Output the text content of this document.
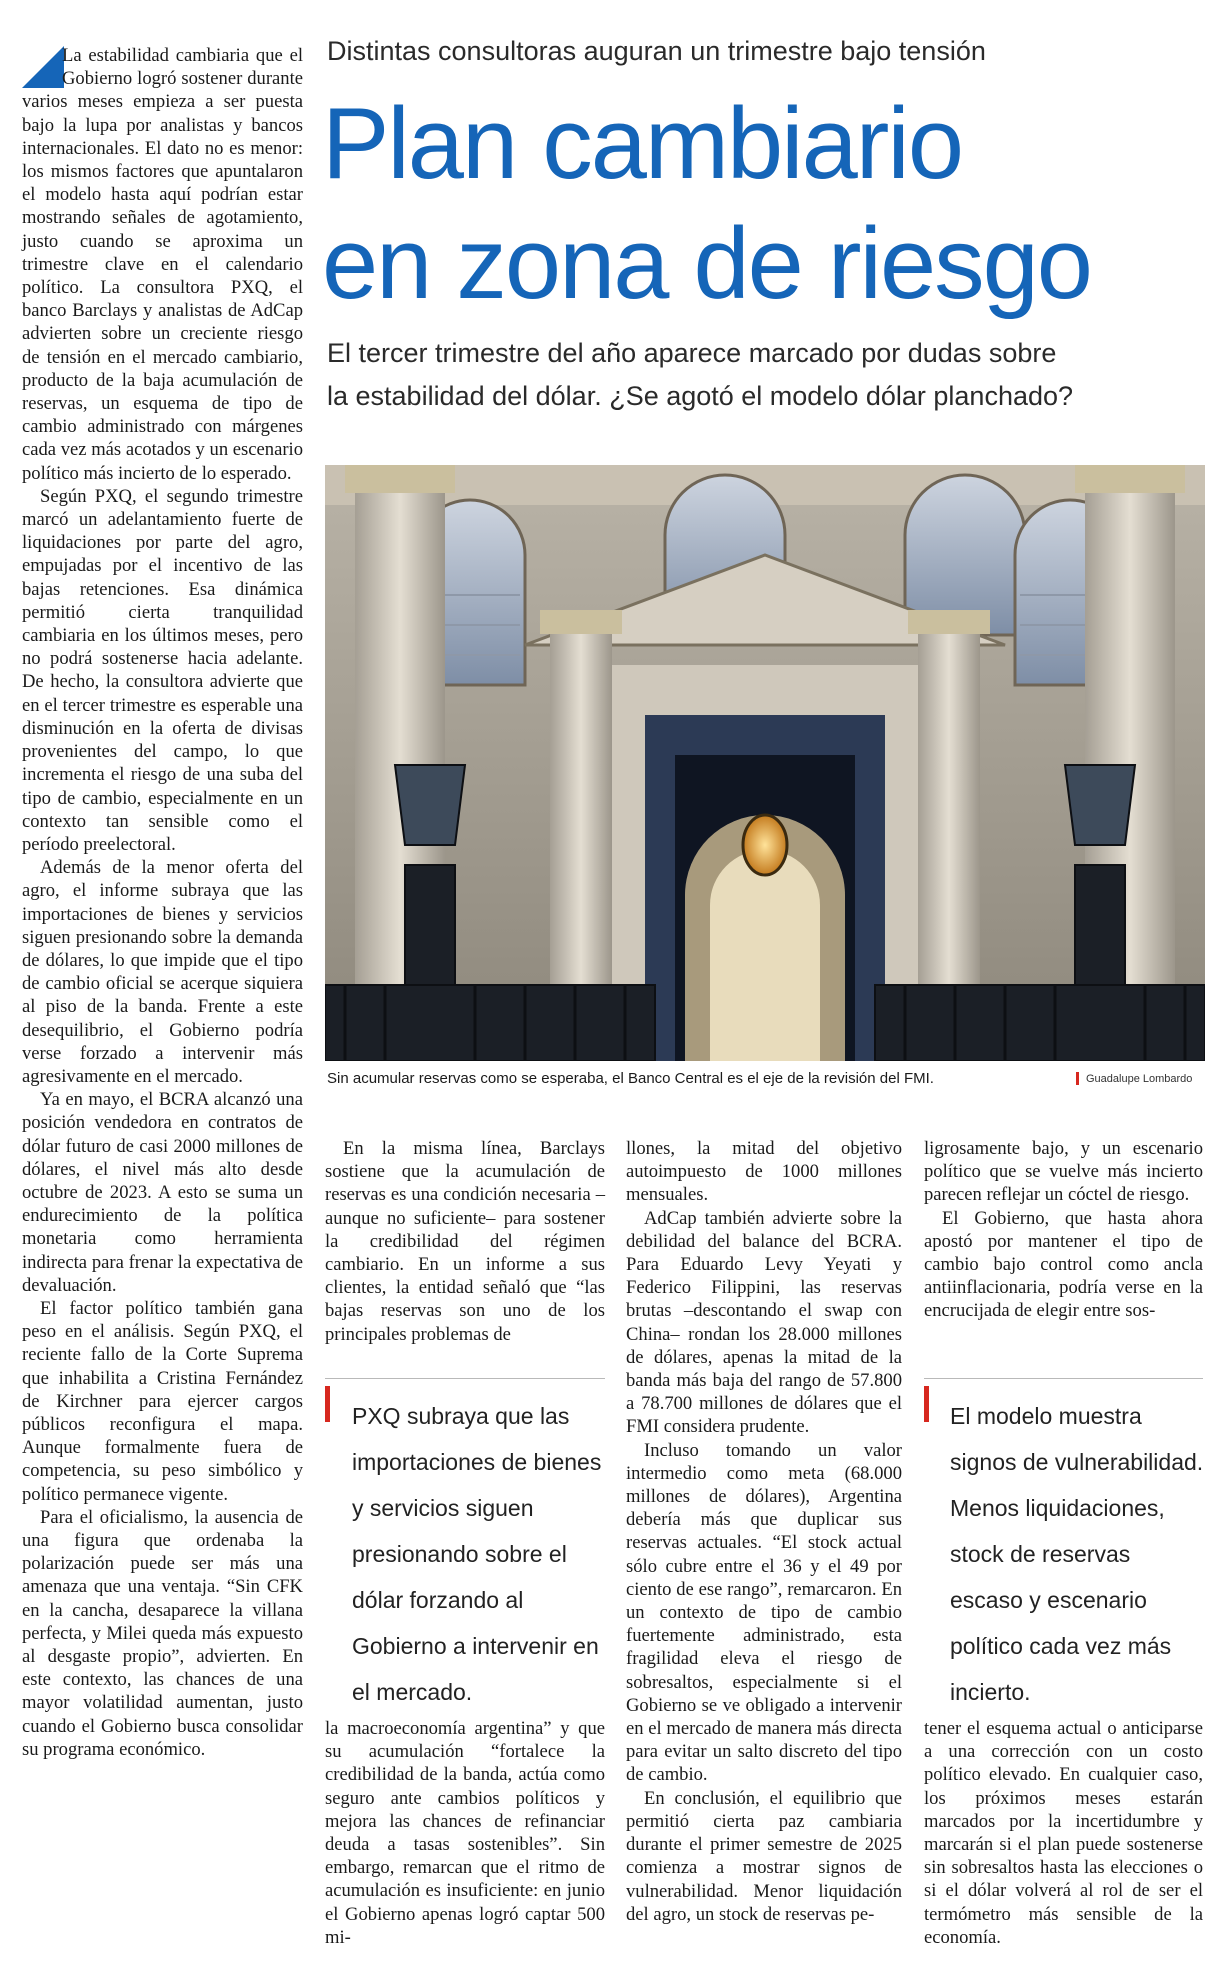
La estabilidad cambiaria que el Gobierno logró sostener durante varios meses empieza a ser puesta bajo la lupa por analistas y bancos internacionales. El dato no es menor: los mismos factores que apuntalaron el modelo hasta aquí podrían estar mostrando señales de agotamiento, justo cuando se aproxima un trimestre clave en el calendario político. La consultora PXQ, el banco Barclays y analistas de AdCap advierten sobre un creciente riesgo de tensión en el mercado cambiario, producto de la baja acumulación de reservas, un esquema de tipo de cambio administrado con márgenes cada vez más acotados y un escenario político más incierto de lo esperado.

Según PXQ, el segundo trimestre marcó un adelantamiento fuerte de liquidaciones por parte del agro, empujadas por el incentivo de las bajas retenciones. Esa dinámica permitió cierta tranquilidad cambiaria en los últimos meses, pero no podrá sostenerse hacia adelante. De hecho, la consultora advierte que en el tercer trimestre es esperable una disminución en la oferta de divisas provenientes del campo, lo que incrementa el riesgo de una suba del tipo de cambio, especialmente en un contexto tan sensible como el período preelectoral.

Además de la menor oferta del agro, el informe subraya que las importaciones de bienes y servicios siguen presionando sobre la demanda de dólares, lo que impide que el tipo de cambio oficial se acerque siquiera al piso de la banda. Frente a este desequilibrio, el Gobierno podría verse forzado a intervenir más agresivamente en el mercado.

Ya en mayo, el BCRA alcanzó una posición vendedora en contratos de dólar futuro de casi 2000 millones de dólares, el nivel más alto desde octubre de 2023. A esto se suma un endurecimiento de la política monetaria como herramienta indirecta para frenar la expectativa de devaluación.

El factor político también gana peso en el análisis. Según PXQ, el reciente fallo de la Corte Suprema que inhabilita a Cristina Fernández de Kirchner para ejercer cargos públicos reconfigura el mapa. Aunque formalmente fuera de competencia, su peso simbólico y político permanece vigente.

Para el oficialismo, la ausencia de una figura que ordenaba la polarización puede ser más una amenaza que una ventaja. “Sin CFK en la cancha, desaparece la villana perfecta, y Milei queda más expuesto al desgaste propio”, advierten. En este contexto, las chances de una mayor volatilidad aumentan, justo cuando el Gobierno busca consolidar su programa económico.

Distintas consultoras auguran un trimestre bajo tensión
Plan cambiario
en zona de riesgo
El tercer trimestre del año aparece marcado por dudas sobre
la estabilidad del dólar. ¿Se agotó el modelo dólar planchado?
Sin acumular reservas como se esperaba, el Banco Central es el eje de la revisión del FMI.	Guadalupe Lombardo

En la misma línea, Barclays sostiene que la acumulación de reservas es una condición necesaria –aunque no suficiente– para sostener la credibilidad del régimen cambiario. En un informe a sus clientes, la entidad señaló que “las bajas reservas son uno de los principales problemas de

PXQ subraya que las importaciones de bienes y servicios siguen presionando sobre el dólar forzando al Gobierno a intervenir en el mercado.

la macroeconomía argentina” y que su acumulación “fortalece la credibilidad de la banda, actúa como seguro ante cambios políticos y mejora las chances de refinanciar deuda a tasas sostenibles”. Sin embargo, remarcan que el ritmo de acumulación es insuficiente: en junio el Gobierno apenas logró captar 500 mi-

llones, la mitad del objetivo autoimpuesto de 1000 millones mensuales.

AdCap también advierte sobre la debilidad del balance del BCRA. Para Eduardo Levy Yeyati y Federico Filippini, las reservas brutas –descontando el swap con China– rondan los 28.000 millones de dólares, apenas la mitad de la banda más baja del rango de 57.800 a 78.700 millones de dólares que el FMI considera prudente.

Incluso tomando un valor intermedio como meta (68.000 millones de dólares), Argentina debería más que duplicar sus reservas actuales. “El stock actual sólo cubre entre el 36 y el 49 por ciento de ese rango”, remarcaron. En un contexto de tipo de cambio fuertemente administrado, esta fragilidad eleva el riesgo de sobresaltos, especialmente si el Gobierno se ve obligado a intervenir en el mercado de manera más directa para evitar un salto discreto del tipo de cambio.

En conclusión, el equilibrio que permitió cierta paz cambiaria durante el primer semestre de 2025 comienza a mostrar signos de vulnerabilidad. Menor liquidación del agro, un stock de reservas pe-

ligrosamente bajo, y un escenario político que se vuelve más incierto parecen reflejar un cóctel de riesgo.

El Gobierno, que hasta ahora apostó por mantener el tipo de cambio bajo control como ancla antiinflacionaria, podría verse en la encrucijada de elegir entre sos-

El modelo muestra signos de vulnerabilidad. Menos liquidaciones, stock de reservas escaso y escenario político cada vez más incierto.

tener el esquema actual o anticiparse a una corrección con un costo político elevado. En cualquier caso, los próximos meses estarán marcados por la incertidumbre y marcarán si el plan puede sostenerse sin sobresaltos hasta las elecciones o si el dólar volverá al rol de ser el termómetro más sensible de la economía.
